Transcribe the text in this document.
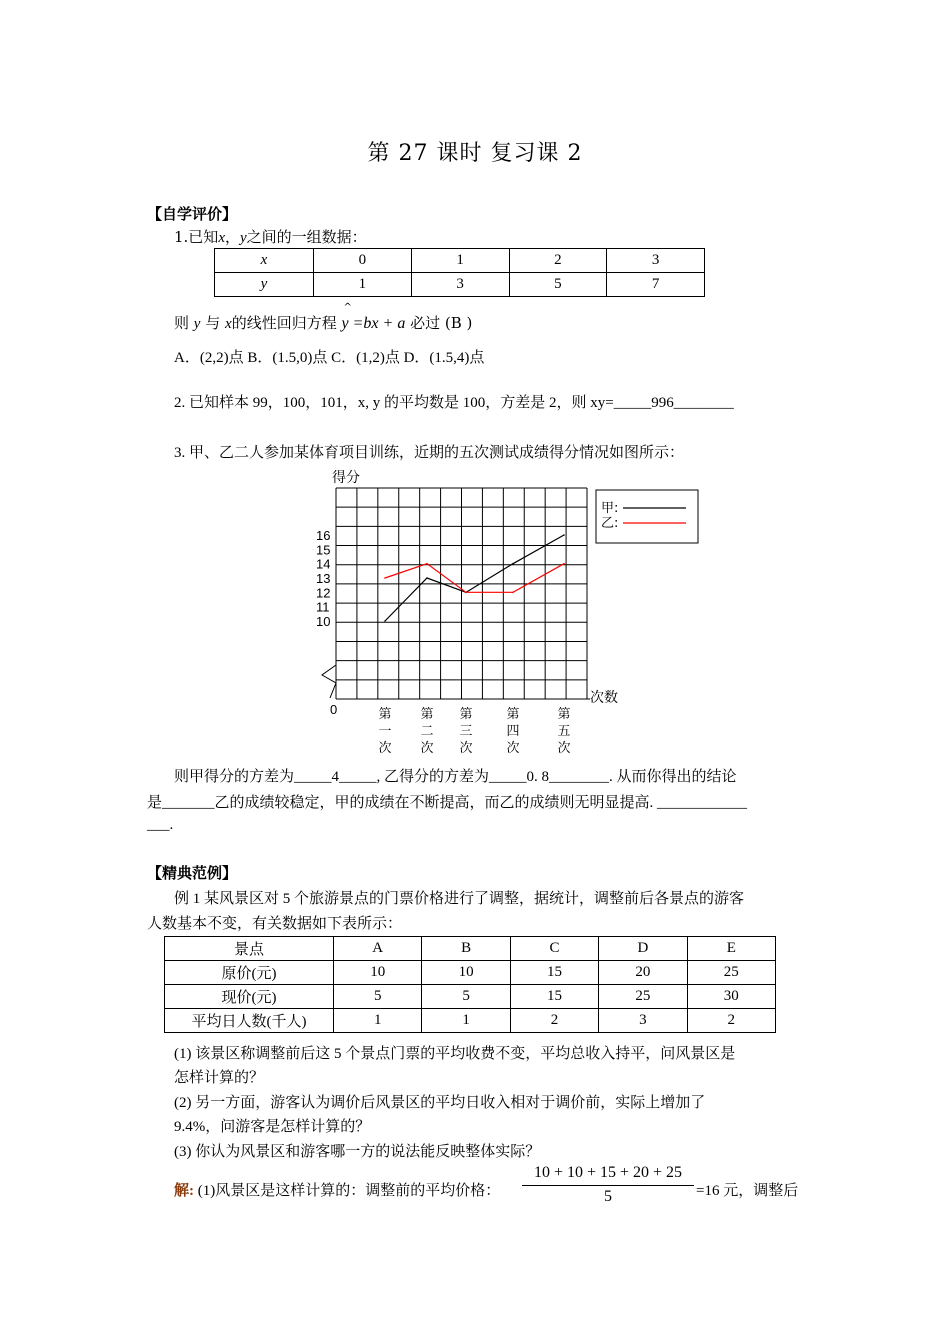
第 27 课时 复习课 2
【自学评价】
1.已知x，y之间的一组数据：
x	0	1	2	3
y	1	3	5	7
则 y 与 x的线性回归方程
^
y =bx + a 必过 (B )
A．(2,2)点 B．(1.5,0)点 C．(1,2)点 D．(1.5,4)点
2. 已知样本 99，100，101，x, y 的平均数是 100，方差是 2，则 xy=_____996________
3. 甲、乙二人参加某体育项目训练，近期的五次测试成绩得分情况如图所示：
得分
次数
0
10
11
12
13
14
15
16
第
一
次
第
二
次
第
三
次
第
四
次
第
五
次
甲:
乙:
则甲得分的方差为_____4_____, 乙得分的方差为_____0. 8________. 从而你得出的结论
是_______乙的成绩较稳定，甲的成绩在不断提高，而乙的成绩则无明显提高. ____________
___.
【精典范例】
例 1 某风景区对 5 个旅游景点的门票价格进行了调整，据统计，调整前后各景点的游客
人数基本不变，有关数据如下表所示：
景点	A	B	C	D	E
原价(元)	10	10	15	20	25
现价(元)	5	5	15	25	30
平均日人数(千人)	1	1	2	3	2
(1) 该景区称调整前后这 5 个景点门票的平均收费不变，平均总收入持平，问风景区是
怎样计算的？
(2) 另一方面，游客认为调价后风景区的平均日收入相对于调价前，实际上增加了
9.4%，问游客是怎样计算的？
(3) 你认为风景区和游客哪一方的说法能反映整体实际？
解: (1)风景区是这样计算的：调整前的平均价格：
10 + 10 + 15 + 20 + 25
5	=16 元，调整后
